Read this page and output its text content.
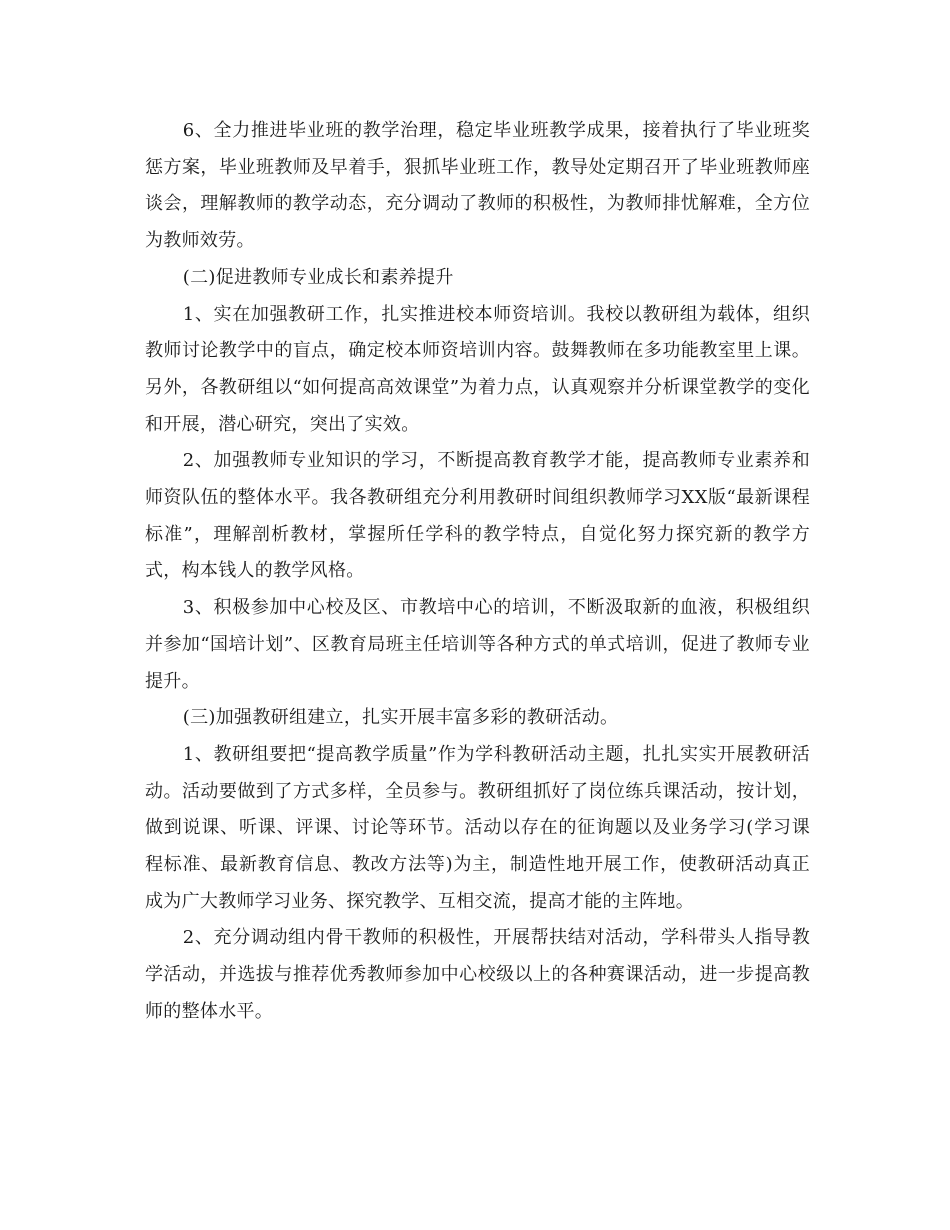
6、全力推进毕业班的教学治理，稳定毕业班教学成果，接着执行了毕业班奖惩方案，毕业班教师及早着手，狠抓毕业班工作，教导处定期召开了毕业班教师座谈会，理解教师的教学动态，充分调动了教师的积极性，为教师排忧解难，全方位为教师效劳。

(二)促进教师专业成长和素养提升

1、实在加强教研工作，扎实推进校本师资培训。我校以教研组为载体，组织教师讨论教学中的盲点，确定校本师资培训内容。鼓舞教师在多功能教室里上课。另外，各教研组以“如何提高高效课堂”为着力点，认真观察并分析课堂教学的变化和开展，潜心研究，突出了实效。

2、加强教师专业知识的学习，不断提高教育教学才能，提高教师专业素养和师资队伍的整体水平。我各教研组充分利用教研时间组织教师学习XX版“最新课程标准”，理解剖析教材，掌握所任学科的教学特点，自觉化努力探究新的教学方式，构本钱人的教学风格。

3、积极参加中心校及区、市教培中心的培训，不断汲取新的血液，积极组织并参加“国培计划”、区教育局班主任培训等各种方式的单式培训，促进了教师专业提升。

(三)加强教研组建立，扎实开展丰富多彩的教研活动。

1、教研组要把“提高教学质量”作为学科教研活动主题，扎扎实实开展教研活动。活动要做到了方式多样，全员参与。教研组抓好了岗位练兵课活动，按计划，做到说课、听课、评课、讨论等环节。活动以存在的征询题以及业务学习(学习课程标准、最新教育信息、教改方法等)为主，制造性地开展工作，使教研活动真正成为广大教师学习业务、探究教学、互相交流，提高才能的主阵地。

2、充分调动组内骨干教师的积极性，开展帮扶结对活动，学科带头人指导教学活动，并选拔与推荐优秀教师参加中心校级以上的各种赛课活动，进一步提高教师的整体水平。
